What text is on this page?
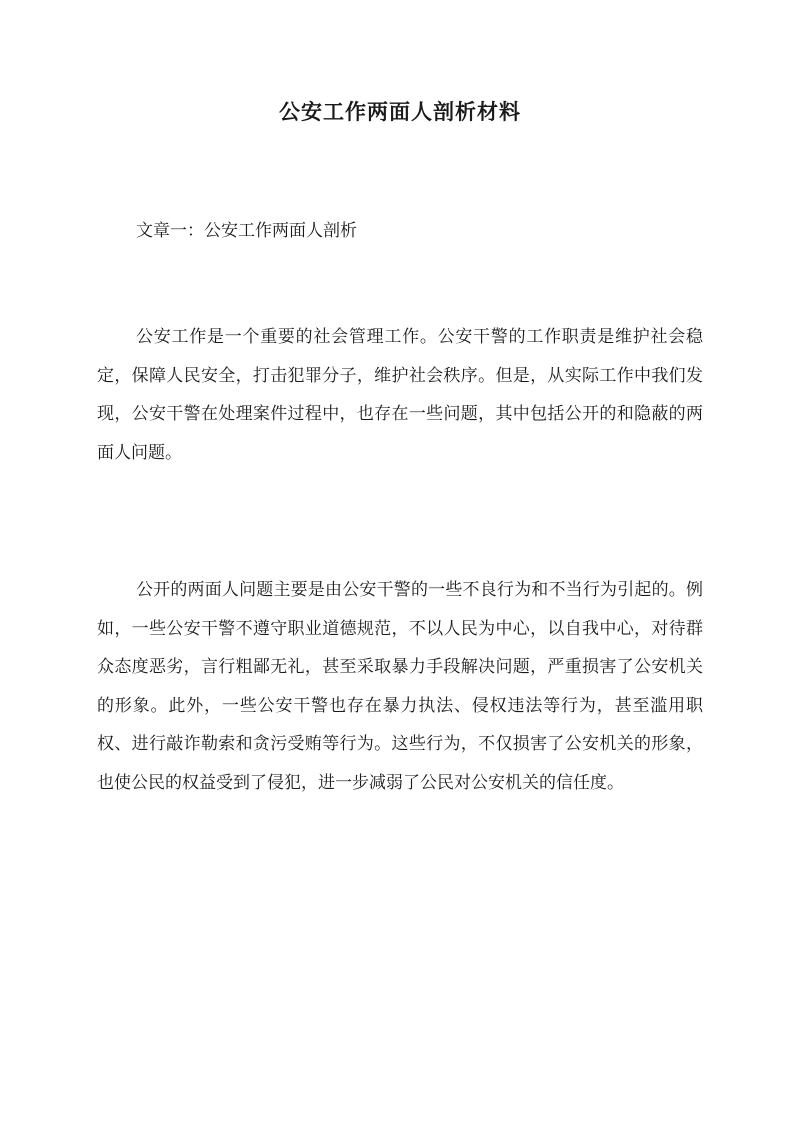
公安工作两面人剖析材料

文章一：公安工作两面人剖析

公安工作是一个重要的社会管理工作。公安干警的工作职责是维护社会稳定，保障人民安全，打击犯罪分子，维护社会秩序。但是，从实际工作中我们发现，公安干警在处理案件过程中，也存在一些问题，其中包括公开的和隐蔽的两面人问题。

公开的两面人问题主要是由公安干警的一些不良行为和不当行为引起的。例如，一些公安干警不遵守职业道德规范，不以人民为中心，以自我中心，对待群众态度恶劣，言行粗鄙无礼，甚至采取暴力手段解决问题，严重损害了公安机关的形象。此外，一些公安干警也存在暴力执法、侵权违法等行为，甚至滥用职权、进行敲诈勒索和贪污受贿等行为。这些行为，不仅损害了公安机关的形象，也使公民的权益受到了侵犯，进一步减弱了公民对公安机关的信任度。
